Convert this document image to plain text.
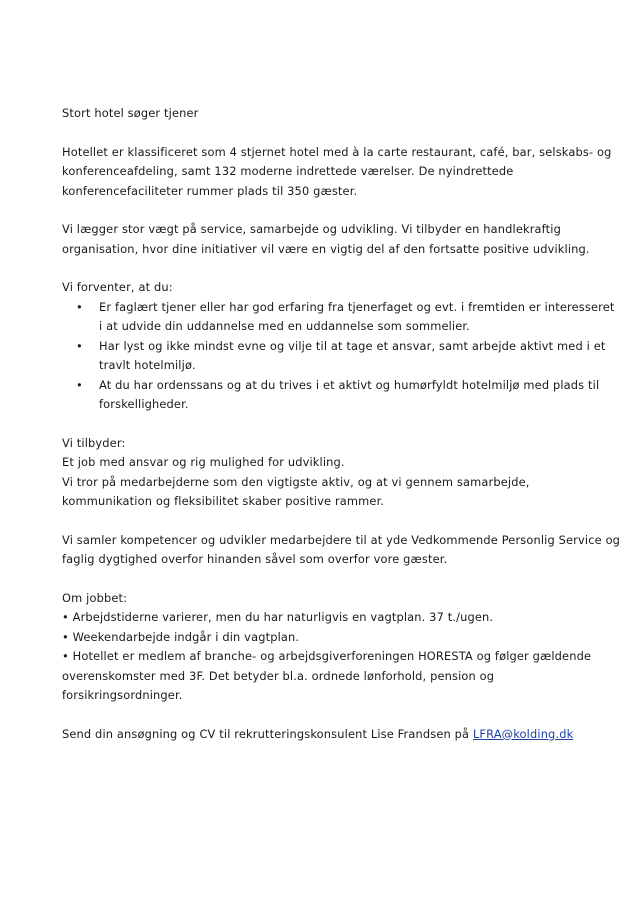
Stort hotel søger tjener
Hotellet er klassificeret som 4 stjernet hotel med à la carte restaurant, café, bar, selskabs- og
konferenceafdeling, samt 132 moderne indrettede værelser. De nyindrettede
konferencefaciliteter rummer plads til 350 gæster.
Vi lægger stor vægt på service, samarbejde og udvikling. Vi tilbyder en handlekraftig
organisation, hvor dine initiativer vil være en vigtig del af den fortsatte positive udvikling.
Vi forventer, at du:
• Er faglært tjener eller har god erfaring fra tjenerfaget og evt. i fremtiden er interesseret
i at udvide din uddannelse med en uddannelse som sommelier.
• Har lyst og ikke mindst evne og vilje til at tage et ansvar, samt arbejde aktivt med i et
travlt hotelmiljø.
• At du har ordenssans og at du trives i et aktivt og humørfyldt hotelmiljø med plads til
forskelligheder.
Vi tilbyder:
Et job med ansvar og rig mulighed for udvikling.
Vi tror på medarbejderne som den vigtigste aktiv, og at vi gennem samarbejde,
kommunikation og fleksibilitet skaber positive rammer.
Vi samler kompetencer og udvikler medarbejdere til at yde Vedkommende Personlig Service og
faglig dygtighed overfor hinanden såvel som overfor vore gæster.
Om jobbet:
• Arbejdstiderne varierer, men du har naturligvis en vagtplan. 37 t./ugen.
• Weekendarbejde indgår i din vagtplan.
• Hotellet er medlem af branche- og arbejdsgiverforeningen HORESTA og følger gældende
overenskomster med 3F. Det betyder bl.a. ordnede lønforhold, pension og
forsikringsordninger.
Send din ansøgning og CV til rekrutteringskonsulent Lise Frandsen på LFRA@kolding.dk
